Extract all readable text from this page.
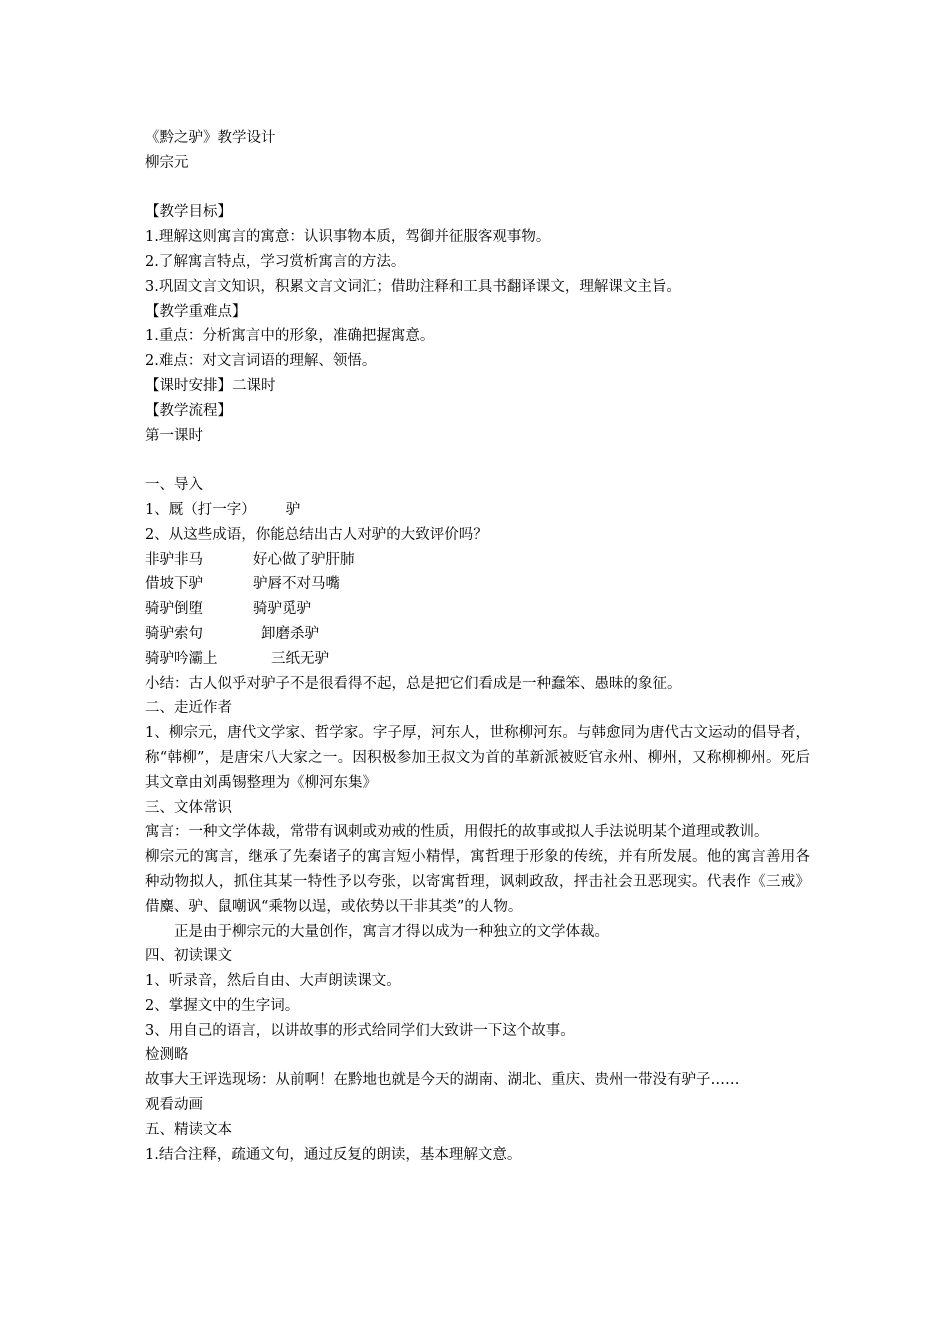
《黔之驴》教学设计

柳宗元

【教学目标】

1.理解这则寓言的寓意：认识事物本质，驾御并征服客观事物。

2.了解寓言特点，学习赏析寓言的方法。

3.巩固文言文知识，积累文言文词汇；借助注释和工具书翻译课文，理解课文主旨。

【教学重难点】

1.重点：分析寓言中的形象，准确把握寓意。

2.难点：对文言词语的理解、领悟。

【课时安排】二课时

【教学流程】

第一课时

一、导入

1、厩（打一字） 驴

2、从这些成语，你能总结出古人对驴的大致评价吗？

非驴非马	好心做了驴肝肺

借坡下驴	驴唇不对马嘴

骑驴倒堕	骑驴觅驴

骑驴索句	卸磨杀驴

骑驴吟灞上	三纸无驴

小结：古人似乎对驴子不是很看得不起，总是把它们看成是一种蠢笨、愚昧的象征。

二、走近作者

1、柳宗元，唐代文学家、哲学家。字子厚，河东人，世称柳河东。与韩愈同为唐代古文运动的倡导者，称“韩柳”，是唐宋八大家之一。因积极参加王叔文为首的革新派被贬官永州、柳州，又称柳柳州。死后其文章由刘禹锡整理为《柳河东集》

三、文体常识

寓言：一种文学体裁，常带有讽刺或劝戒的性质，用假托的故事或拟人手法说明某个道理或教训。

柳宗元的寓言，继承了先秦诸子的寓言短小精悍，寓哲理于形象的传统，并有所发展。他的寓言善用各种动物拟人，抓住其某一特性予以夸张，以寄寓哲理，讽刺政敌，抨击社会丑恶现实。代表作《三戒》借麋、驴、鼠嘲讽“乘物以逞，或依势以干非其类”的人物。

正是由于柳宗元的大量创作，寓言才得以成为一种独立的文学体裁。

四、初读课文

1、听录音，然后自由、大声朗读课文。

2、掌握文中的生字词。

3、用自己的语言，以讲故事的形式给同学们大致讲一下这个故事。

检测略

故事大王评选现场：从前啊！在黔地也就是今天的湖南、湖北、重庆、贵州一带没有驴子……

观看动画

五、精读文本

1.结合注释，疏通文句，通过反复的朗读，基本理解文意。
